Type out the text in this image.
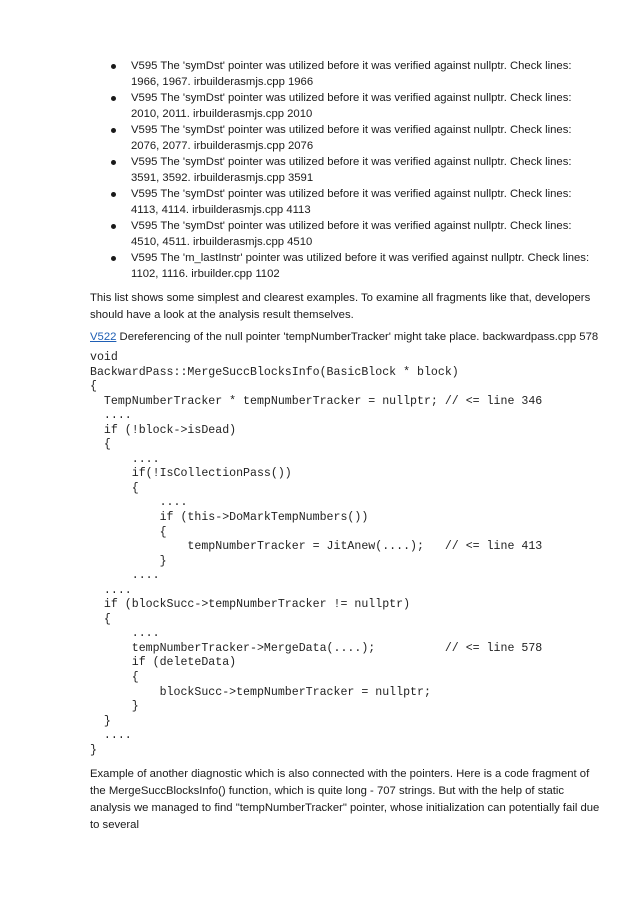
V595 The 'symDst' pointer was utilized before it was verified against nullptr. Check lines: 1966, 1967. irbuilderasmjs.cpp 1966
V595 The 'symDst' pointer was utilized before it was verified against nullptr. Check lines: 2010, 2011. irbuilderasmjs.cpp 2010
V595 The 'symDst' pointer was utilized before it was verified against nullptr. Check lines: 2076, 2077. irbuilderasmjs.cpp 2076
V595 The 'symDst' pointer was utilized before it was verified against nullptr. Check lines: 3591, 3592. irbuilderasmjs.cpp 3591
V595 The 'symDst' pointer was utilized before it was verified against nullptr. Check lines: 4113, 4114. irbuilderasmjs.cpp 4113
V595 The 'symDst' pointer was utilized before it was verified against nullptr. Check lines: 4510, 4511. irbuilderasmjs.cpp 4510
V595 The 'm_lastInstr' pointer was utilized before it was verified against nullptr. Check lines: 1102, 1116. irbuilder.cpp 1102

This list shows some simplest and clearest examples. To examine all fragments like that, developers should have a look at the analysis result themselves.

V522 Dereferencing of the null pointer 'tempNumberTracker' might take place. backwardpass.cpp 578

void
BackwardPass::MergeSuccBlocksInfo(BasicBlock * block)
{
TempNumberTracker * tempNumberTracker = nullptr; // <= line 346
....
if (!block->isDead)
{
....
if(!IsCollectionPass())
{
....
if (this->DoMarkTempNumbers())
{
tempNumberTracker = JitAnew(....);   // <= line 413
}
....
....
if (blockSucc->tempNumberTracker != nullptr)
{
....
tempNumberTracker->MergeData(....);          // <= line 578
if (deleteData)
{
blockSucc->tempNumberTracker = nullptr;
}
}
....
}

Example of another diagnostic which is also connected with the pointers. Here is a code fragment of the MergeSuccBlocksInfo() function, which is quite long - 707 strings. But with the help of static analysis we managed to find "tempNumberTracker" pointer, whose initialization can potentially fail due to several
